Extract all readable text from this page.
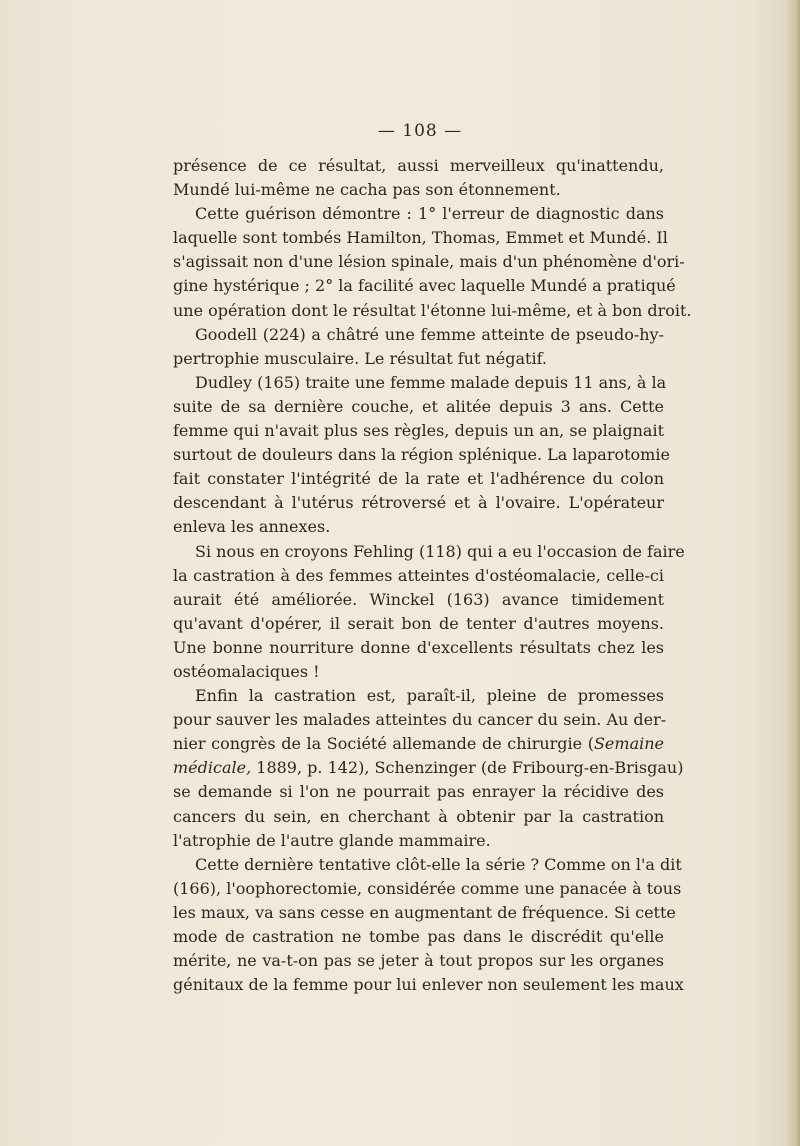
— 108 —
présence de ce résultat, aussi merveilleux qu'inattendu,
Mundé lui-même ne cacha pas son étonnement.
Cette guérison démontre : 1° l'erreur de diagnostic dans
laquelle sont tombés Hamilton, Thomas, Emmet et Mundé. Il
s'agissait non d'une lésion spinale, mais d'un phénomène d'ori-
gine hystérique ; 2° la facilité avec laquelle Mundé a pratiqué
une opération dont le résultat l'étonne lui-même, et à bon droit.
Goodell (224) a châtré une femme atteinte de pseudo-hy-
pertrophie musculaire. Le résultat fut négatif.
Dudley (165) traite une femme malade depuis 11 ans, à la
suite de sa dernière couche, et alitée depuis 3 ans. Cette
femme qui n'avait plus ses règles, depuis un an, se plaignait
surtout de douleurs dans la région splénique. La laparotomie
fait constater l'intégrité de la rate et l'adhérence du colon
descendant à l'utérus rétroversé et à l'ovaire. L'opérateur
enleva les annexes.
Si nous en croyons Fehling (118) qui a eu l'occasion de faire
la castration à des femmes atteintes d'ostéomalacie, celle-ci
aurait été améliorée. Winckel (163) avance timidement
qu'avant d'opérer, il serait bon de tenter d'autres moyens.
Une bonne nourriture donne d'excellents résultats chez les
ostéomalaciques !
Enfin la castration est, paraît-il, pleine de promesses
pour sauver les malades atteintes du cancer du sein. Au der-
nier congrès de la Société allemande de chirurgie (Semaine
médicale, 1889, p. 142), Schenzinger (de Fribourg-en-Brisgau)
se demande si l'on ne pourrait pas enrayer la récidive des
cancers du sein, en cherchant à obtenir par la castration
l'atrophie de l'autre glande mammaire.
Cette dernière tentative clôt-elle la série ? Comme on l'a dit
(166), l'oophorectomie, considérée comme une panacée à tous
les maux, va sans cesse en augmentant de fréquence. Si cette
mode de castration ne tombe pas dans le discrédit qu'elle
mérite, ne va-t-on pas se jeter à tout propos sur les organes
génitaux de la femme pour lui enlever non seulement les maux
